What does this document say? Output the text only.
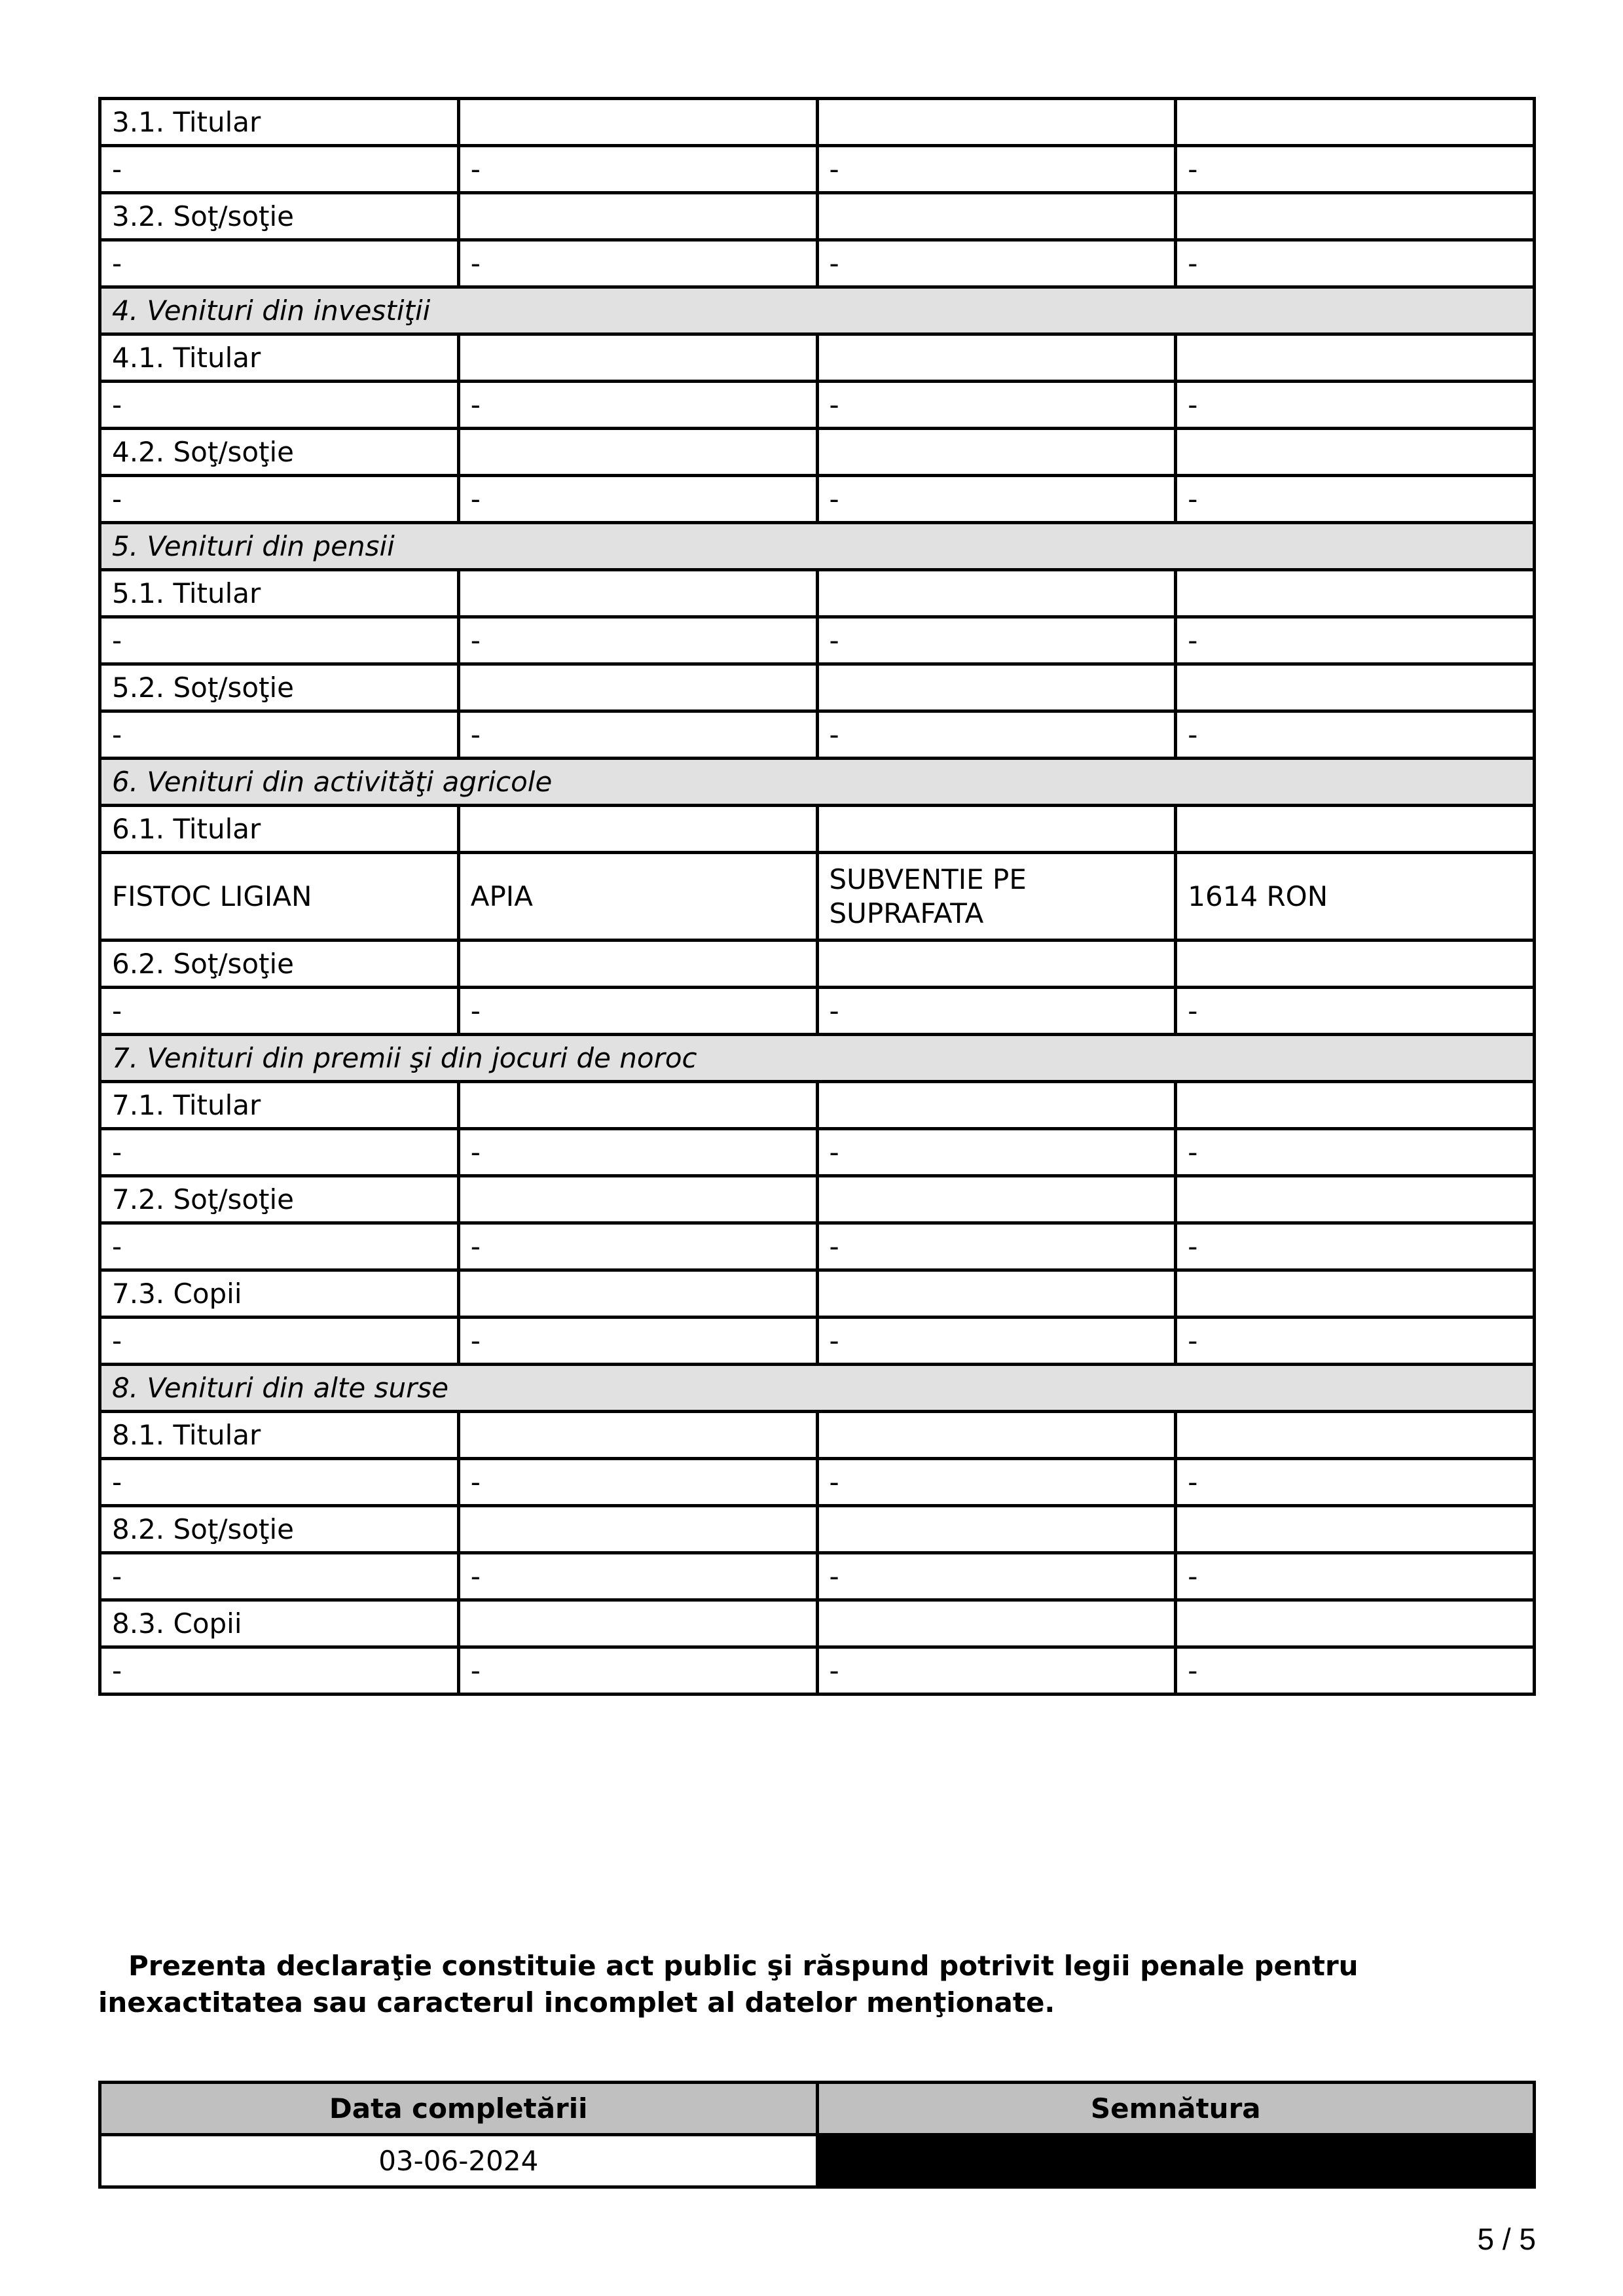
3.1. Titular			
-	-	-	-
3.2. Soţ/soţie			
-	-	-	-
4. Venituri din investiţii			
4.1. Titular			
-	-	-	-
4.2. Soţ/soţie			
-	-	-	-
5. Venituri din pensii			
5.1. Titular			
-	-	-	-
5.2. Soţ/soţie			
-	-	-	-
6. Venituri din activităţi agricole			
6.1. Titular			
FISTOC LIGIAN	APIA	SUBVENTIE PE SUPRAFATA	1614 RON
6.2. Soţ/soţie			
-	-	-	-
7. Venituri din premii şi din jocuri de noroc			
7.1. Titular			
-	-	-	-
7.2. Soţ/soţie			
-	-	-	-
7.3. Copii			
-	-	-	-
8. Venituri din alte surse			
8.1. Titular			
-	-	-	-
8.2. Soţ/soţie			
-	-	-	-
8.3. Copii			
-	-	-	-
Prezenta declaraţie constituie act public şi răspund potrivit legii penale pentru inexactitatea sau caracterul incomplet al datelor menţionate.
Data completării	Semnătura
03-06-2024	
5 / 5
